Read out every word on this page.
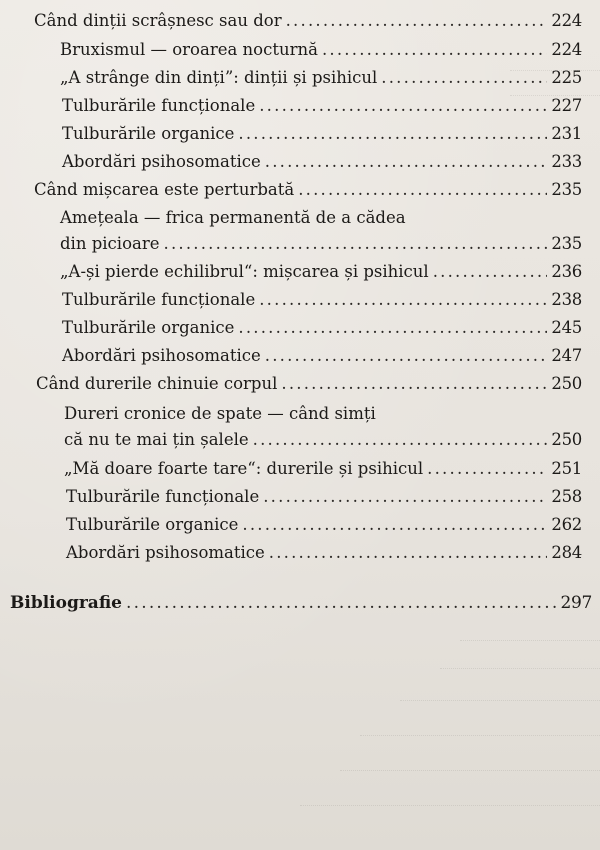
Când dinții scrâșnesc sau dor .....	224
Bruxismul — oroarea nocturnă .....	224
„A strânge din dinți”: dinții și psihicul .....	225
Tulburările funcționale .....	227
Tulburările organice .....	231
Abordări psihosomatice .....	233
Când mișcarea este perturbată .....	235
Amețeala — frica permanentă de a cădea
din picioare .....	235
„A-și pierde echilibrul“: mișcarea și psihicul .....	236
Tulburările funcționale .....	238
Tulburările organice .....	245
Abordări psihosomatice .....	247
Când durerile chinuie corpul .....	250
Dureri cronice de spate — când simți
că nu te mai țin șalele .....	250
„Mă doare foarte tare“: durerile și psihicul .....	251
Tulburările funcționale .....	258
Tulburările organice .....	262
Abordări psihosomatice .....	284
Bibliografie .....	297
